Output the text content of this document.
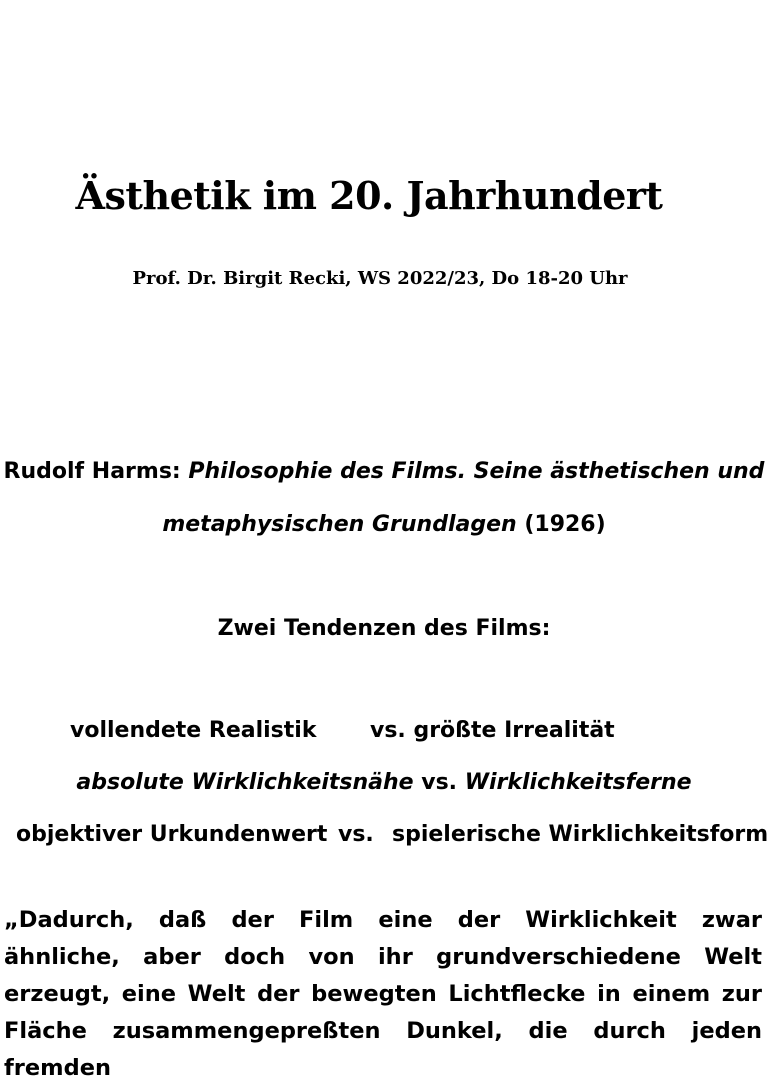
Ästhetik im 20. Jahrhundert
Prof. Dr. Birgit Recki, WS 2022/23, Do 18-20 Uhr
Rudolf Harms: Philosophie des Films. Seine ästhetischen und
metaphysischen Grundlagen (1926)
Zwei Tendenzen des Films:
vollendete Realistik vs. größte Irrealität
absolute Wirklichkeitsnähe vs. Wirklichkeitsferne
objektiver Urkundenwert vs. spielerische Wirklichkeitsform
„Dadurch, daß der Film eine der Wirklichkeit zwar ähnliche, aber doch von ihr grundverschiedene Welt erzeugt, eine Welt der bewegten Lichtflecke in einem zur Fläche zusammengepreßten Dunkel, die durch jeden fremden
